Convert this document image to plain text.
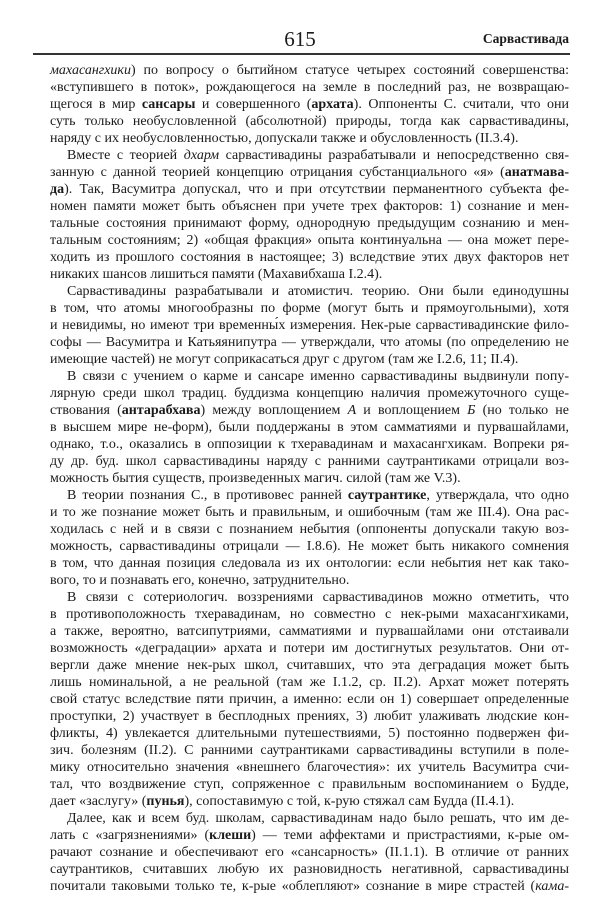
615	Сарвастивада
махасангхики) по вопросу о бытийном статусе четырех состояний совершенства:
«вступившего в поток», рождающегося на земле в последний раз, не возвращаю-
щегося в мир сансары и совершенного (архата). Оппоненты С. считали, что они
суть только необусловленной (абсолютной) природы, тогда как сарвастивадины,
наряду с их необусловленностью, допускали также и обусловленность (II.3.4).
Вместе с теорией дхарм сарвастивадины разрабатывали и непосредственно свя-
занную с данной теорией концепцию отрицания субстанциального «я» (анатмава-
да). Так, Васумитра допускал, что и при отсутствии перманентного субъекта фе-
номен памяти может быть объяснен при учете трех факторов: 1) сознание и мен-
тальные состояния принимают форму, однородную предыдущим сознанию и мен-
тальным состояниям; 2) «общая фракция» опыта континуальна — она может пере-
ходить из прошлого состояния в настоящее; 3) вследствие этих двух факторов нет
никаких шансов лишиться памяти (Махавибхаша I.2.4).
Сарвастивадины разрабатывали и атомистич. теорию. Они были единодушны
в том, что атомы многообразны по форме (могут быть и прямоугольными), хотя
и невидимы, но имеют три временны́х измерения. Нек-рые сарвастивадинские фило-
софы — Васумитра и Катьяянипутра — утверждали, что атомы (по определению не
имеющие частей) не могут соприкасаться друг с другом (там же I.2.6, 11; II.4).
В связи с учением о карме и сансаре именно сарвастивадины выдвинули попу-
лярную среди школ традиц. буддизма концепцию наличия промежуточного суще-
ствования (антарабхава) между воплощением А и воплощением Б (но только не
в высшем мире не-форм), были поддержаны в этом самматиями и пурвашайлами,
однако, т.о., оказались в оппозиции к тхеравадинам и махасангхикам. Вопреки ря-
ду др. буд. школ сарвастивадины наряду с ранними саутрантиками отрицали воз-
можность бытия существ, произведенных магич. силой (там же V.3).
В теории познания С., в противовес ранней саутрантике, утверждала, что одно
и то же познание может быть и правильным, и ошибочным (там же III.4). Она рас-
ходилась с ней и в связи с познанием небытия (оппоненты допускали такую воз-
можность, сарвастивадины отрицали — I.8.6). Не может быть никакого сомнения
в том, что данная позиция следовала из их онтологии: если небытия нет как тако-
вого, то и познавать его, конечно, затруднительно.
В связи с сотериологич. воззрениями сарвастивадинов можно отметить, что
в противоположность тхеравадинам, но совместно с нек-рыми махасангхиками,
а также, вероятно, ватсипутриями, самматиями и пурвашайлами они отстаивали
возможность «деградации» архата и потери им достигнутых результатов. Они от-
вергли даже мнение нек-рых школ, считавших, что эта деградация может быть
лишь номинальной, а не реальной (там же I.1.2, ср. II.2). Архат может потерять
свой статус вследствие пяти причин, а именно: если он 1) совершает определенные
проступки, 2) участвует в бесплодных прениях, 3) любит улаживать людские кон-
фликты, 4) увлекается длительными путешествиями, 5) постоянно подвержен фи-
зич. болезням (II.2). С ранними саутрантиками сарвастивадины вступили в поле-
мику относительно значения «внешнего благочестия»: их учитель Васумитра счи-
тал, что воздвижение ступ, сопряженное с правильным воспоминанием о Будде,
дает «заслугу» (пунья), сопоставимую с той, к-рую стяжал сам Будда (II.4.1).
Далее, как и всем буд. школам, сарвастивадинам надо было решать, что им де-
лать с «загрязнениями» (клеши) — теми аффектами и пристрастиями, к-рые ом-
рачают сознание и обеспечивают его «сансарность» (II.1.1). В отличие от ранних
саутрантиков, считавших любую их разновидность негативной, сарвастивадины
почитали таковыми только те, к-рые «облепляют» сознание в мире страстей (кама-
